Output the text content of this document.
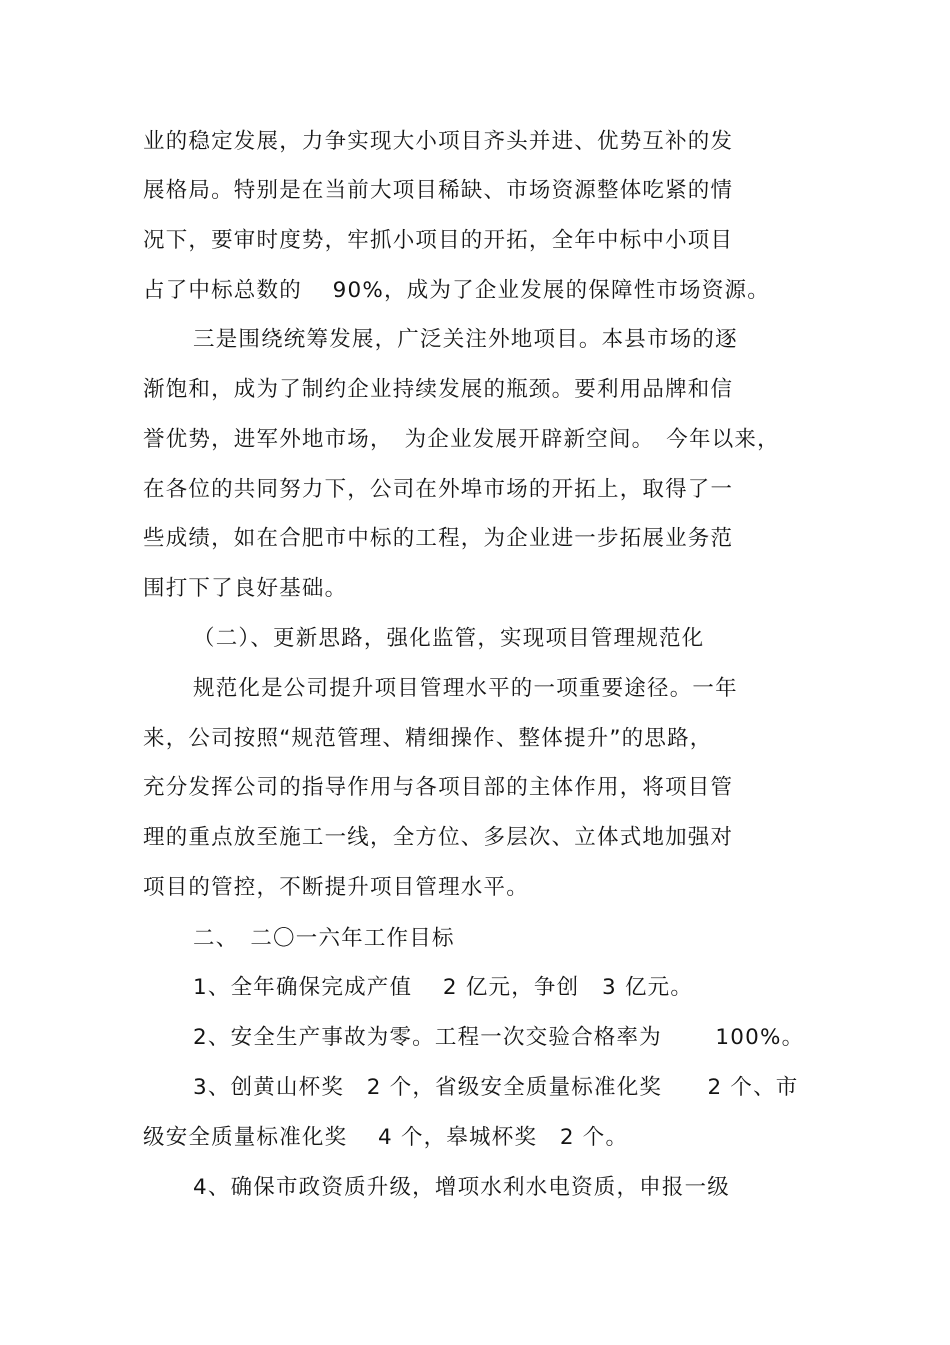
业的稳定发展，力争实现大小项目齐头并进、优势互补的发
展格局。特别是在当前大项目稀缺、市场资源整体吃紧的情
况下，要审时度势，牢抓小项目的开拓，全年中标中小项目
占了中标总数的　 90%，成为了企业发展的保障性市场资源。
三是围绕统筹发展，广泛关注外地项目。本县市场的逐
渐饱和，成为了制约企业持续发展的瓶颈。要利用品牌和信
誉优势，进军外地市场，　为企业发展开辟新空间。　今年以来，
在各位的共同努力下，公司在外埠市场的开拓上，取得了一
些成绩，如在合肥市中标的工程，为企业进一步拓展业务范
围打下了良好基础。
（二）、更新思路，强化监管，实现项目管理规范化
规范化是公司提升项目管理水平的一项重要途径。一年
来，公司按照“规范管理、精细操作、整体提升”的思路，
充分发挥公司的指导作用与各项目部的主体作用，将项目管
理的重点放至施工一线，全方位、多层次、立体式地加强对
项目的管控，不断提升项目管理水平。
二、　二〇一六年工作目标
1、全年确保完成产值　 2 亿元，争创　3 亿元。
2、安全生产事故为零。工程一次交验合格率为　　 100%。
3、创黄山杯奖　2 个，省级安全质量标准化奖　　2 个、市
级安全质量标准化奖　 4 个，皋城杯奖　2 个。
4、确保市政资质升级，增项水利水电资质，申报一级
